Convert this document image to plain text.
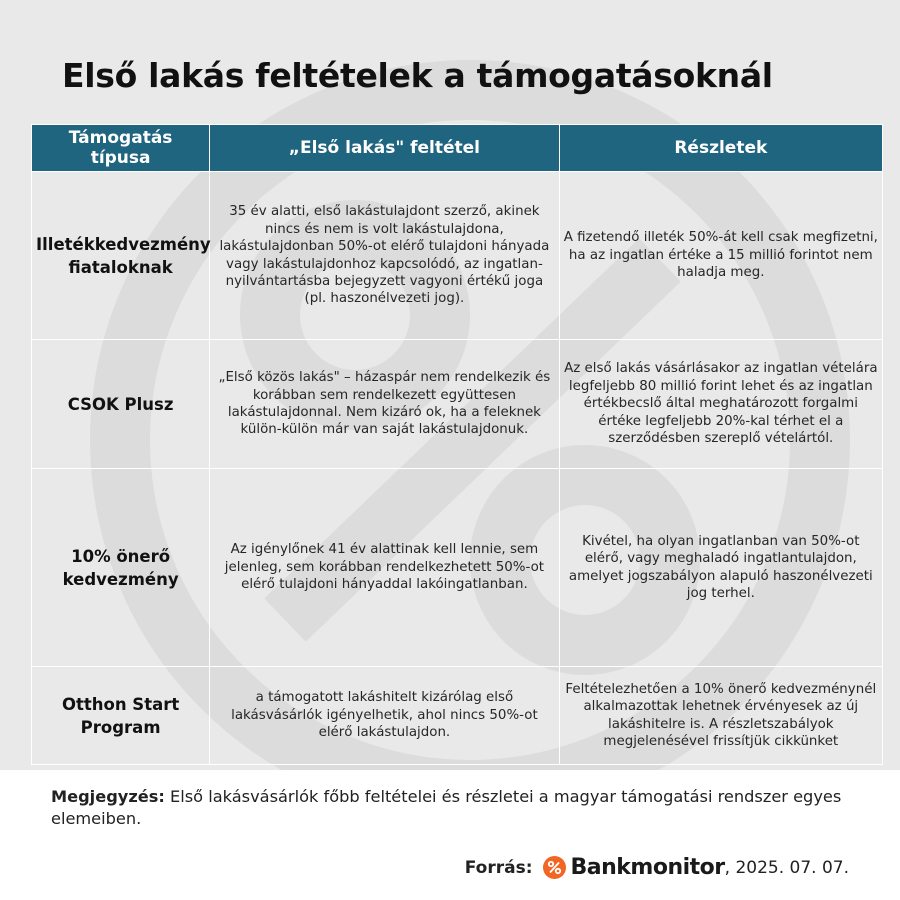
Első lakás feltételek a támogatásoknál
Támogatás típusa	„Első lakás" feltétel	Részletek
Illetékkedvezmény fiataloknak	35 év alatti, első lakástulajdont szerző, akinek nincs és nem is volt lakástulajdona, lakástulajdonban 50%-ot elérő tulajdoni hányada vagy lakástulajdonhoz kapcsolódó, az ingatlan-nyilvántartásba bejegyzett vagyoni értékű joga (pl. haszonélvezeti jog).	A fizetendő illeték 50%-át kell csak megfizetni, ha az ingatlan értéke a 15 millió forintot nem haladja meg.
CSOK Plusz	„Első közös lakás" – házaspár nem rendelkezik és korábban sem rendelkezett együttesen lakástulajdonnal. Nem kizáró ok, ha a feleknek külön-külön már van saját lakástulajdonuk.	Az első lakás vásárlásakor az ingatlan vételára legfeljebb 80 millió forint lehet és az ingatlan értékbecslő által meghatározott forgalmi értéke legfeljebb 20%-kal térhet el a szerződésben szereplő vételártól.
10% önerő kedvezmény	Az igénylőnek 41 év alattinak kell lennie, sem jelenleg, sem korábban rendelkezhetett 50%-ot elérő tulajdoni hányaddal lakóingatlanban.	Kivétel, ha olyan ingatlanban van 50%-ot elérő, vagy meghaladó ingatlantulajdon, amelyet jogszabályon alapuló haszonélvezeti jog terhel.
Otthon Start Program	a támogatott lakáshitelt kizárólag első lakásvásárlók igényelhetik, ahol nincs 50%-ot elérő lakástulajdon.	Feltételezhetően a 10% önerő kedvezménynél alkalmazottak lehetnek érvényesek az új lakáshitelre is. A részletszabályok megjelenésével frissítjük cikkünket

Megjegyzés: Első lakásvásárlók főbb feltételei és részletei a magyar támogatási rendszer egyes elemeiben.

Forrás: Bankmonitor , 2025. 07. 07.
